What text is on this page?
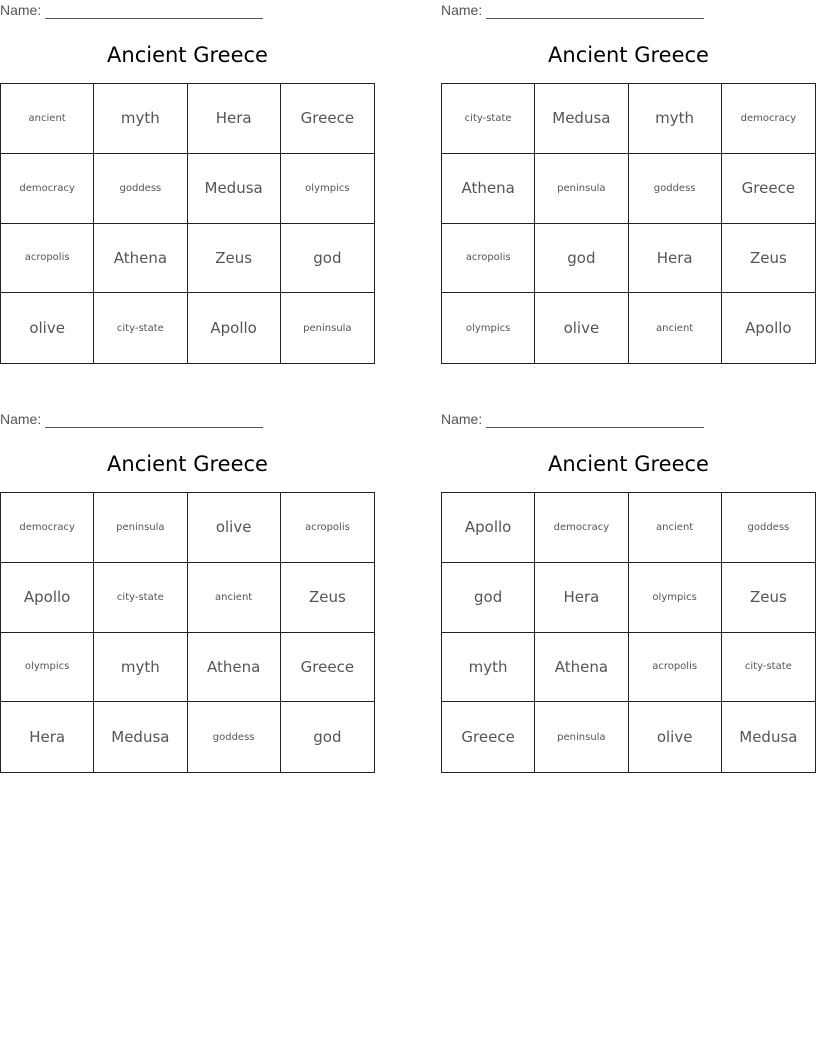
Name:
Ancient Greece
ancient	myth	Hera	Greece
democracy	goddess	Medusa	olympics
acropolis	Athena	Zeus	god
olive	city-state	Apollo	peninsula
Name:
Ancient Greece
city-state	Medusa	myth	democracy
Athena	peninsula	goddess	Greece
acropolis	god	Hera	Zeus
olympics	olive	ancient	Apollo
Name:
Ancient Greece
democracy	peninsula	olive	acropolis
Apollo	city-state	ancient	Zeus
olympics	myth	Athena	Greece
Hera	Medusa	goddess	god
Name:
Ancient Greece
Apollo	democracy	ancient	goddess
god	Hera	olympics	Zeus
myth	Athena	acropolis	city-state
Greece	peninsula	olive	Medusa
